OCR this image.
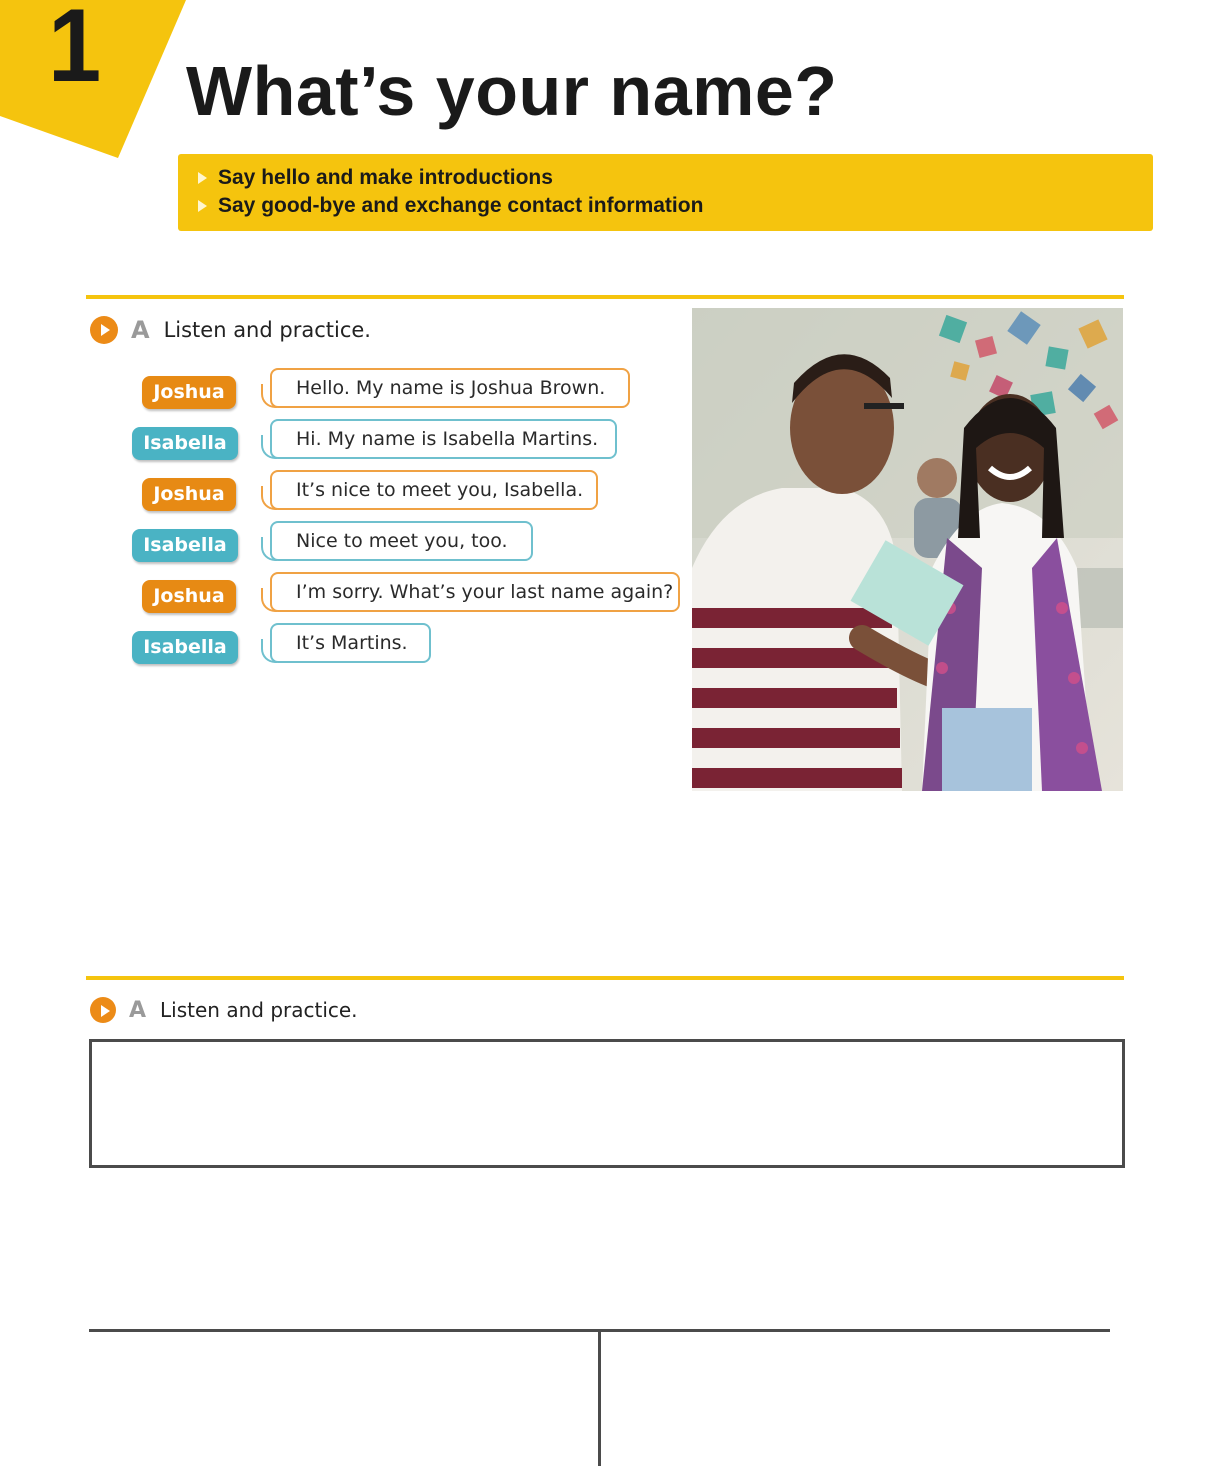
1 What’s your name?
Say hello and make introductions
Say good-bye and exchange contact information
A Listen and practice.
Joshua	Hello. My name is Joshua Brown.
Isabella	Hi. My name is Isabella Martins.
Joshua	It’s nice to meet you, Isabella.
Isabella	Nice to meet you, too.
Joshua	I’m sorry. What’s your last name again?
Isabella	It’s Martins.
A Listen and practice.
